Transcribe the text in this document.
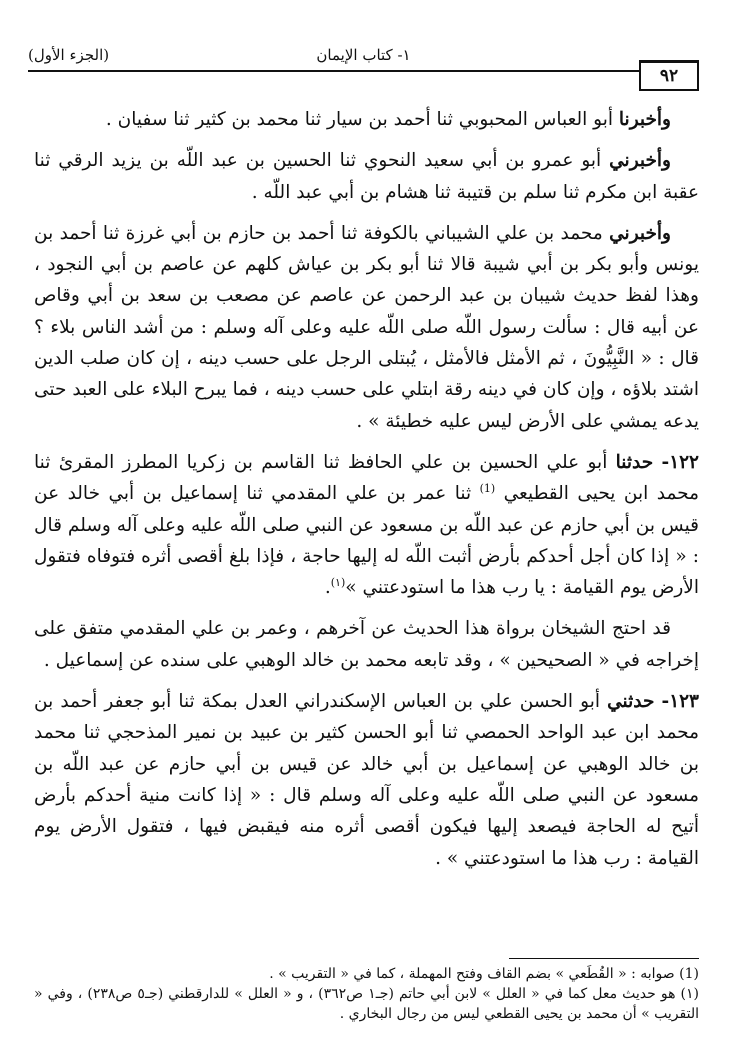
١- كتاب الإيمان
(الجزء الأول)
٩٢

وأخبرنا أبو العباس المحبوبي ثنا أحمد بن سيار ثنا محمد بن كثير ثنا سفيان .

وأخبرني أبو عمرو بن أبي سعيد النحوي ثنا الحسين بن عبد اللّه بن يزيد الرقي ثنا عقبة ابن مكرم ثنا سلم بن قتيبة ثنا هشام بن أبي عبد اللّه .

وأخبرني محمد بن علي الشيباني بالكوفة ثنا أحمد بن حازم بن أبي غرزة ثنا أحمد بن يونس وأبو بكر بن أبي شيبة قالا ثنا أبو بكر بن عياش كلهم عن عاصم بن أبي النجود ، وهذا لفظ حديث شيبان بن عبد الرحمن عن عاصم عن مصعب بن سعد بن أبي وقاص عن أبيه قال : سألت رسول اللّه صلى اللّه عليه وعلى آله وسلم : من أشد الناس بلاء ؟ قال : « النَّبِيُّونَ ، ثم الأمثل فالأمثل ، يُبتلى الرجل على حسب دينه ، إن كان صلب الدين اشتد بلاؤه ، وإن كان في دينه رقة ابتلي على حسب دينه ، فما يبرح البلاء على العبد حتى يدعه يمشي على الأرض ليس عليه خطيئة » .

١٢٢- حدثنا أبو علي الحسين بن علي الحافظ ثنا القاسم بن زكريا المطرز المقرئ ثنا محمد ابن يحيى القطيعي $^{(1)}$ ثنا عمر بن علي المقدمي ثنا إسماعيل بن أبي خالد عن قيس بن أبي حازم عن عبد اللّه بن مسعود عن النبي صلى اللّه عليه وعلى آله وسلم قال : « إذا كان أجل أحدكم بأرض أثبت اللّه له إليها حاجة ، فإذا بلغ أقصى أثره فتوفاه فتقول الأرض يوم القيامة : يا رب هذا ما استودعتني »$^{(١)}$.

قد احتج الشيخان برواة هذا الحديث عن آخرهم ، وعمر بن علي المقدمي متفق على إخراجه في « الصحيحين » ، وقد تابعه محمد بن خالد الوهبي على سنده عن إسماعيل .

١٢٣- حدثني أبو الحسن علي بن العباس الإسكندراني العدل بمكة ثنا أبو جعفر أحمد بن محمد ابن عبد الواحد الحمصي ثنا أبو الحسن كثير بن عبيد بن نمير المذحجي ثنا محمد بن خالد الوهبي عن إسماعيل بن أبي خالد عن قيس بن أبي حازم عن عبد اللّه بن مسعود عن النبي صلى اللّه عليه وعلى آله وسلم قال : « إذا كانت منية أحدكم بأرض أتيح له الحاجة فيصعد إليها فيكون أقصى أثره منه فيقبض فيها ، فتقول الأرض يوم القيامة : رب هذا ما استودعتني » .

(1) صوابه : « القُطَعي » بضم القاف وفتح المهملة ، كما في « التقريب » .
(١) هو حديث معل كما في « العلل » لابن أبي حاتم (جـ١ ص٣٦٢) ، و « العلل » للدارقطني (جـ٥ ص٢٣٨) ، وفي « التقريب » أن محمد بن يحيى القطعي ليس من رجال البخاري .
